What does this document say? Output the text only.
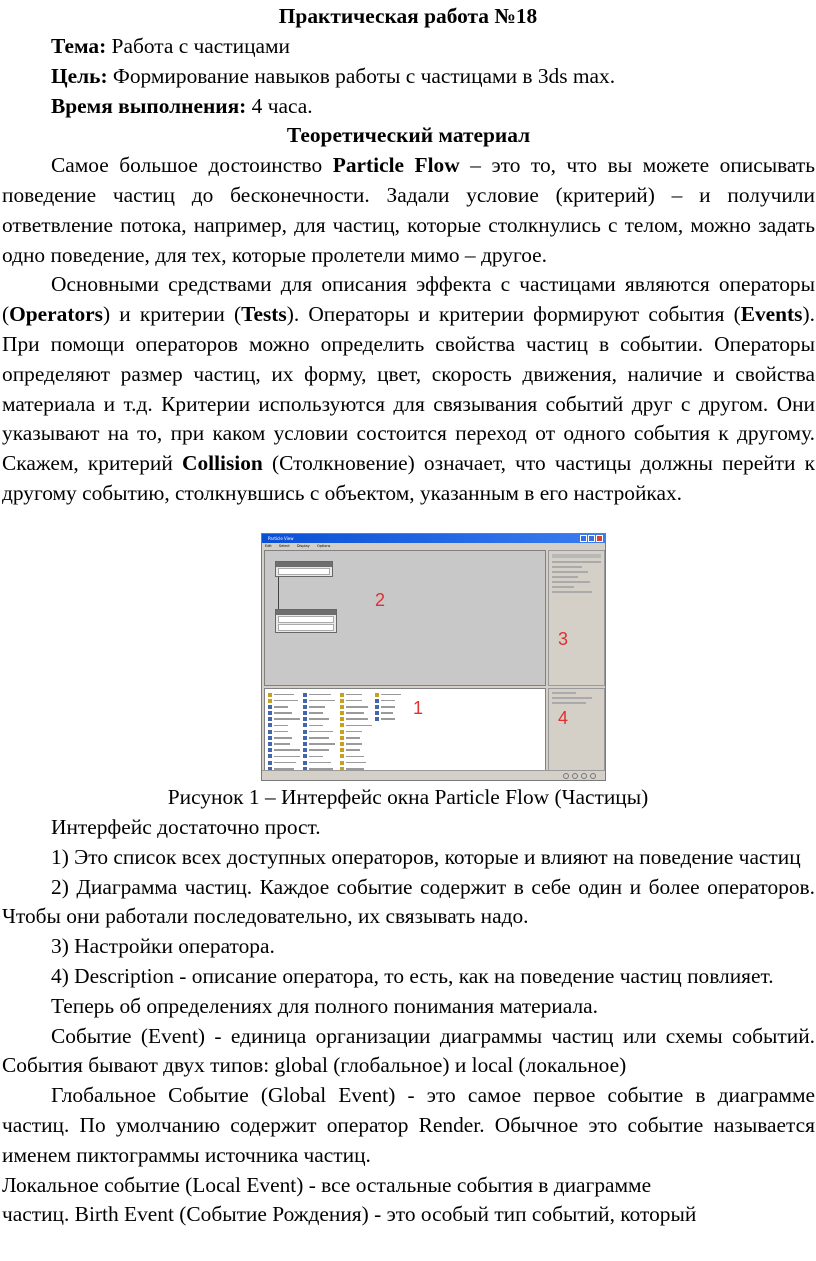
Практическая работа №18

Тема: Работа с частицами

Цель: Формирование навыков работы с частицами в 3ds max.

Время выполнения: 4 часа.

Теоретический материал

Самое большое достоинство Particle Flow – это то, что вы можете описывать поведение частиц до бесконечности. Задали условие (критерий) – и получили ответвление потока, например, для частиц, которые столкнулись с телом, можно задать одно поведение, для тех, которые пролетели мимо – другое.

Основными средствами для описания эффекта с частицами являются операторы (Operators) и критерии (Tests). Операторы и критерии формируют события (Events). При помощи операторов можно определить свойства частиц в событии. Операторы определяют размер частиц, их форму, цвет, скорость движения, наличие и свойства материала и т.д. Критерии используются для связывания событий друг с другом. Они указывают на то, при каком условии состоится переход от одного события к другому. Скажем, критерий Collision (Столкновение) означает, что частицы должны перейти к другому событию, столкнувшись с объектом, указанным в его настройках.

Particle View
Edit Select Display Options
2
3
1	4
Рисунок 1 – Интерфейс окна Particle Flow (Частицы)

Интерфейс достаточно прост.

1) Это список всех доступных операторов, которые и влияют на поведение частиц

2) Диаграмма частиц. Каждое событие содержит в себе один и более операторов. Чтобы они работали последовательно, их связывать надо.

3) Настройки оператора.

4) Description - описание оператора, то есть, как на поведение частиц повлияет.

Теперь об определениях для полного понимания материала.

Событие (Event) - единица организации диаграммы частиц или схемы событий. События бывают двух типов: global (глобальное) и local (локальное)

Глобальное Событие (Global Event) - это самое первое событие в диаграмме частиц. По умолчанию содержит оператор Render. Обычное это событие называется именем пиктограммы источника частиц.

Локальное событие (Local Event) - все остальные события в диаграмме

частиц. Birth Event (Событие Рождения) - это особый тип событий, который
